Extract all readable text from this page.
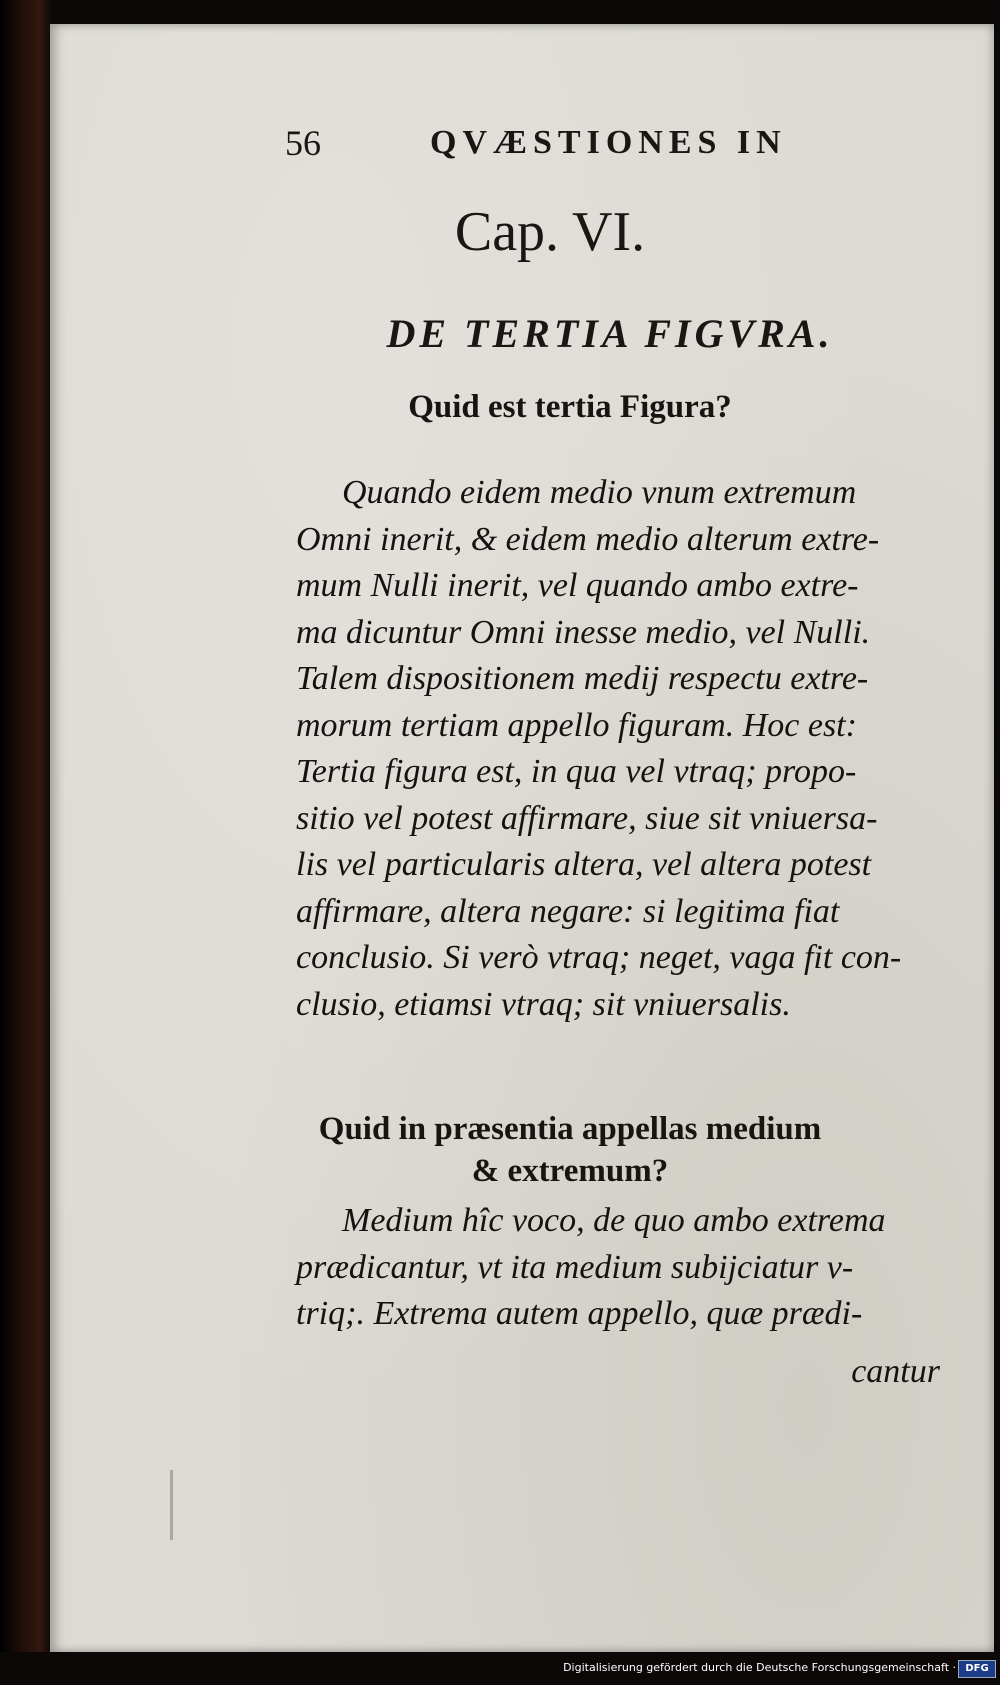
56	QVÆSTIONES IN
Cap. VI.
DE TERTIA FIGVRA.
Quid est tertia Figura?
Quando eidem medio vnum extremum
Omni inerit, & eidem medio alterum extre-
mum Nulli inerit, vel quando ambo extre-
ma dicuntur Omni inesse medio, vel Nulli.
Talem dispositionem medij respectu extre-
morum tertiam appello figuram. Hoc est:
Tertia figura est, in qua vel vtraq; propo-
sitio vel potest affirmare, siue sit vniuersa-
lis vel particularis altera, vel altera potest
affirmare, altera negare: si legitima fiat
conclusio. Si verò vtraq; neget, vaga fit con-
clusio, etiamsi vtraq; sit vniuersalis.
Quid in præsentia appellas medium
& extremum?
Medium hîc voco, de quo ambo extrema
prædicantur, vt ita medium subijciatur v-
triq;. Extrema autem appello, quæ prædi-
cantur
Digitalisierung gefördert durch die Deutsche Forschungsgemeinschaft · DFG
